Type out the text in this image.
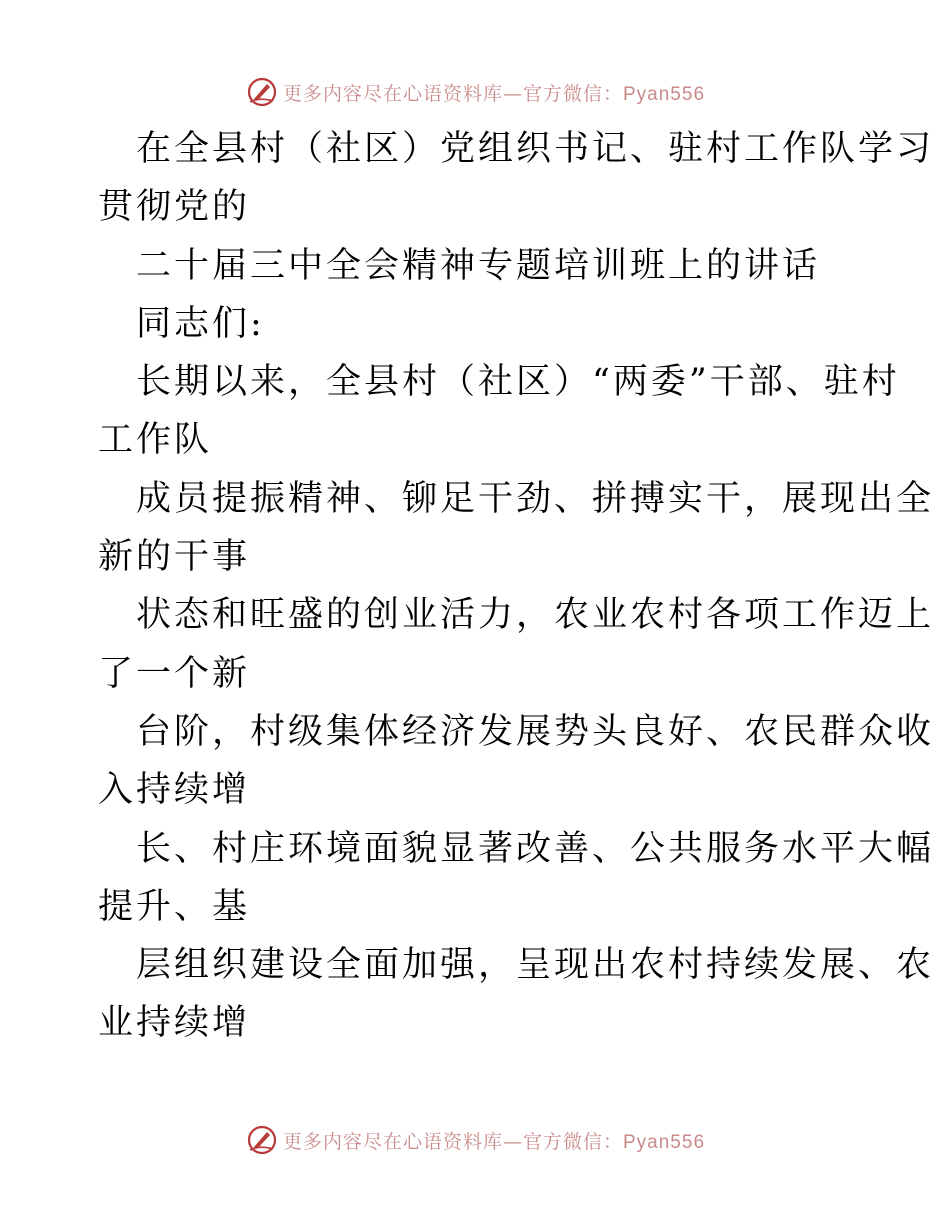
更多内容尽在心语资料库—官方微信：Pyan556
在全县村（社区）党组织书记、驻村工作队学习
贯彻党的
二十届三中全会精神专题培训班上的讲话
同志们:
长期以来，全县村（社区）“两委”干部、驻村
工作队
成员提振精神、铆足干劲、拼搏实干，展现出全
新的干事
状态和旺盛的创业活力，农业农村各项工作迈上
了一个新
台阶，村级集体经济发展势头良好、农民群众收
入持续增
长、村庄环境面貌显著改善、公共服务水平大幅
提升、基
层组织建设全面加强，呈现出农村持续发展、农
业持续增
更多内容尽在心语资料库—官方微信：Pyan556
